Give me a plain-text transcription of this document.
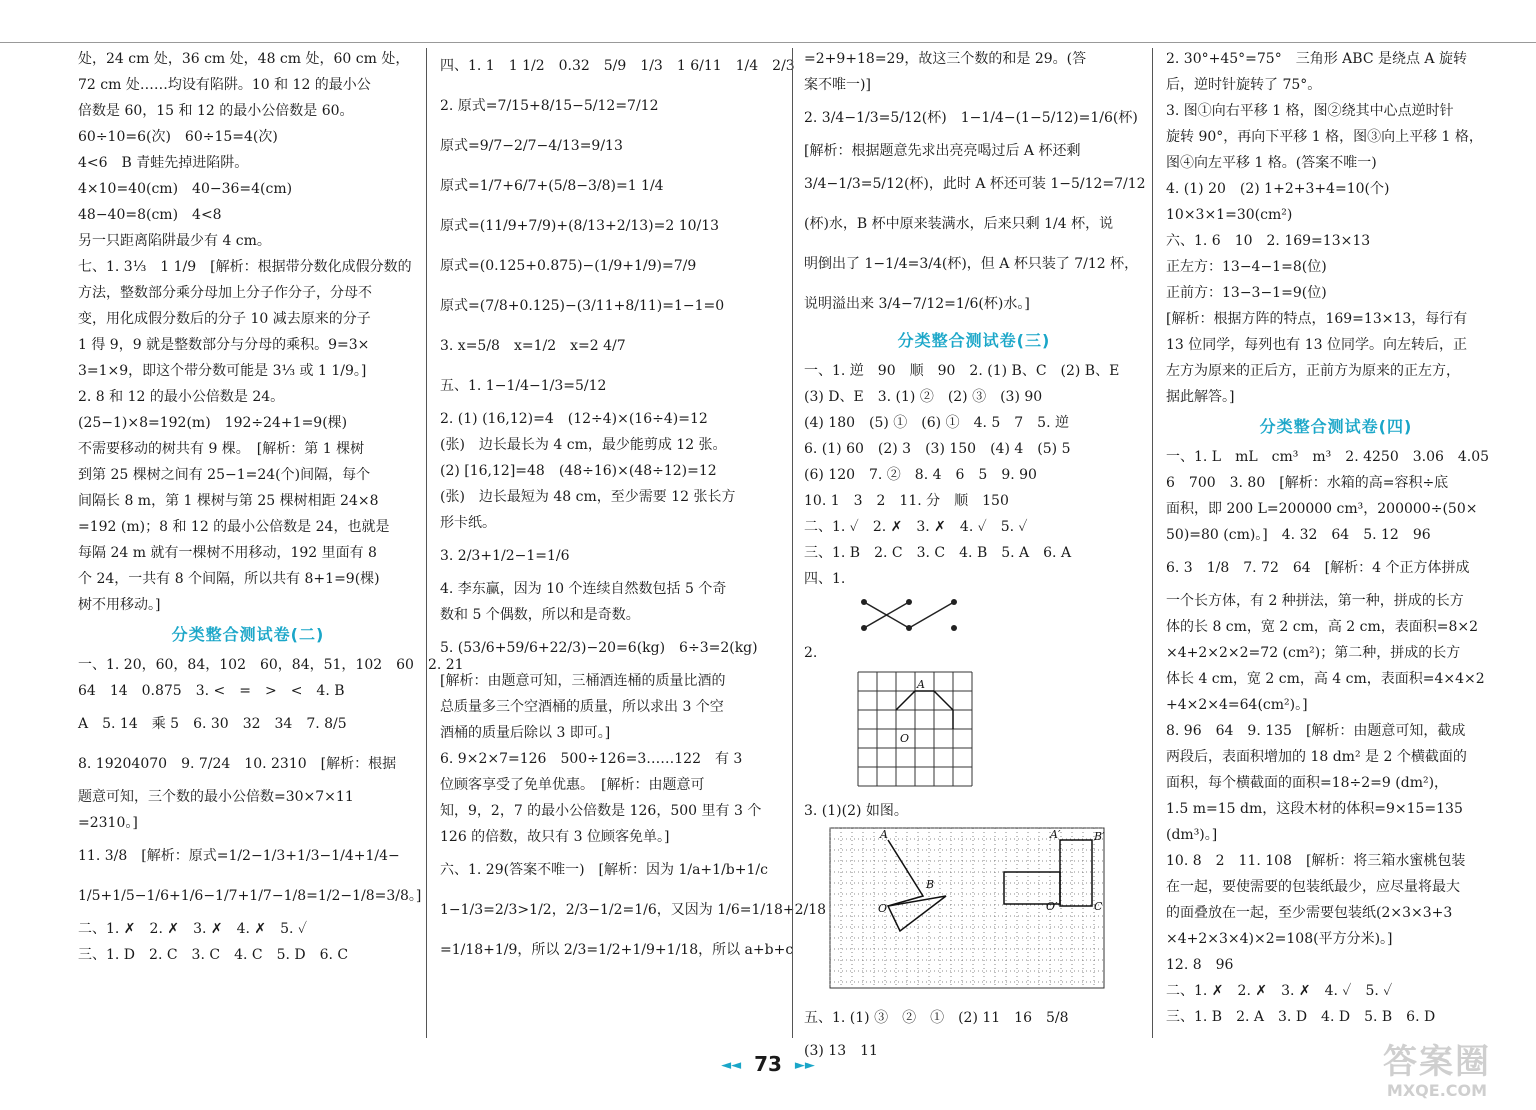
处，24 cm 处，36 cm 处，48 cm 处，60 cm 处，
72 cm 处……均设有陷阱。10 和 12 的最小公
倍数是 60，15 和 12 的最小公倍数是 60。
60÷10=6(次)　60÷15=4(次)
4<6　B 青蛙先掉进陷阱。
4×10=40(cm)　40−36=4(cm)
48−40=8(cm)　4<8
另一只距离陷阱最少有 4 cm。
七、1. 3⅓　1 1/9　[解析：根据带分数化成假分数的
方法，整数部分乘分母加上分子作分子，分母不
变，用化成假分数后的分子 10 减去原来的分子
1 得 9，9 就是整数部分与分母的乘积。9=3×
3=1×9，即这个带分数可能是 3⅓ 或 1 1/9。]
2. 8 和 12 的最小公倍数是 24。
(25−1)×8=192(m)　192÷24+1=9(棵)
不需要移动的树共有 9 棵。　[解析：第 1 棵树
到第 25 棵树之间有 25−1=24(个)间隔，每个
间隔长 8 m，第 1 棵树与第 25 棵树相距 24×8
=192 (m)；8 和 12 的最小公倍数是 24，也就是
每隔 24 m 就有一棵树不用移动，192 里面有 8
个 24，一共有 8 个间隔，所以共有 8+1=9(棵)
树不用移动。]
分类整合测试卷(二)
一、1. 20，60，84，102　60，84，51，102　60　2. 21
64　14　0.875　3. <　=　>　<　4. B
A　5. 14　乘 5　6. 30　32　34　7. 8/5
8. 19204070　9. 7/24　10. 2310　[解析：根据
题意可知，三个数的最小公倍数=30×7×11
=2310。]
11. 3/8　[解析：原式=1/2−1/3+1/3−1/4+1/4−
1/5+1/5−1/6+1/6−1/7+1/7−1/8=1/2−1/8=3/8。]
二、1. ✗　2. ✗　3. ✗　4. ✗　5. ✓
三、1. D　2. C　3. C　4. C　5. D　6. C
四、1. 1　1 1/2　0.32　5/9　1/3　1 6/11　1/4　2/3
2. 原式=7/15+8/15−5/12=7/12
原式=9/7−2/7−4/13=9/13
原式=1/7+6/7+(5/8−3/8)=1 1/4
原式=(11/9+7/9)+(8/13+2/13)=2 10/13
原式=(0.125+0.875)−(1/9+1/9)=7/9
原式=(7/8+0.125)−(3/11+8/11)=1−1=0
3. x=5/8　x=1/2　x=2 4/7
五、1. 1−1/4−1/3=5/12
2. (1) (16,12)=4　(12÷4)×(16÷4)=12
(张)　边长最长为 4 cm，最少能剪成 12 张。
(2) [16,12]=48　(48÷16)×(48÷12)=12
(张)　边长最短为 48 cm，至少需要 12 张长方
形卡纸。
3. 2/3+1/2−1=1/6
4. 李东赢，因为 10 个连续自然数包括 5 个奇
数和 5 个偶数，所以和是奇数。
5. (53/6+59/6+22/3)−20=6(kg)　6÷3=2(kg)
[解析：由题意可知，三桶酒连桶的质量比酒的
总质量多三个空酒桶的质量，所以求出 3 个空
酒桶的质量后除以 3 即可。]
6. 9×2×7=126　500÷126=3……122　有 3
位顾客享受了免单优惠。　[解析：由题意可
知，9，2，7 的最小公倍数是 126，500 里有 3 个
126 的倍数，故只有 3 位顾客免单。]
六、1. 29(答案不唯一)　[解析：因为 1/a+1/b+1/c
1−1/3=2/3>1/2，2/3−1/2=1/6，又因为 1/6=1/18+2/18
=1/18+1/9，所以 2/3=1/2+1/9+1/18，所以 a+b+c
=2+9+18=29，故这三个数的和是 29。(答
案不唯一)]
2. 3/4−1/3=5/12(杯)　1−1/4−(1−5/12)=1/6(杯)
[解析：根据题意先求出亮亮喝过后 A 杯还剩
3/4−1/3=5/12(杯)，此时 A 杯还可装 1−5/12=7/12
(杯)水，B 杯中原来装满水，后来只剩 1/4 杯，说
明倒出了 1−1/4=3/4(杯)，但 A 杯只装了 7/12 杯，
说明溢出来 3/4−7/12=1/6(杯)水。]
分类整合测试卷(三)
一、1. 逆　90　顺　90　2. (1) B、C　(2) B、E
(3) D、E　3. (1) ②　(2) ③　(3) 90
(4) 180　(5) ①　(6) ①　4. 5　7　5. 逆
6. (1) 60　(2) 3　(3) 150　(4) 4　(5) 5
(6) 120　7. ②　8. 4　6　5　9. 90
10. 1　3　2　11. 分　顺　150
二、1. ✓　2. ✗　3. ✗　4. ✓　5. ✓
三、1. B　2. C　3. C　4. B　5. A　6. A
四、1.
2.
A
O
3. (1)(2) 如图。
A
B
O
A′	B′
O′	C
五、1. (1) ③　②　①　(2) 11　16　5/8
(3) 13　11
2. 30°+45°=75°　三角形 ABC 是绕点 A 旋转
后，逆时针旋转了 75°。
3. 图①向右平移 1 格，图②绕其中心点逆时针
旋转 90°，再向下平移 1 格，图③向上平移 1 格，
图④向左平移 1 格。(答案不唯一)
4. (1) 20　(2) 1+2+3+4=10(个)
10×3×1=30(cm²)
六、1. 6　10　2. 169=13×13
正左方：13−4−1=8(位)
正前方：13−3−1=9(位)
[解析：根据方阵的特点，169=13×13，每行有
13 位同学，每列也有 13 位同学。向左转后，正
左方为原来的正后方，正前方为原来的正左方，
据此解答。]
分类整合测试卷(四)
一、1. L　mL　cm³　m³　2. 4250　3.06　4.05
6　700　3. 80　[解析：水箱的高=容积÷底
面积，即 200 L=200000 cm³，200000÷(50×
50)=80 (cm)。]　4. 32　64　5. 12　96
6. 3　1/8　7. 72　64　[解析：4 个正方体拼成
一个长方体，有 2 种拼法，第一种，拼成的长方
体的长 8 cm，宽 2 cm，高 2 cm，表面积=8×2
×4+2×2×2=72 (cm²)；第二种，拼成的长方
体长 4 cm，宽 2 cm，高 4 cm，表面积=4×4×2
+4×2×4=64(cm²)。]
8. 96　64　9. 135　[解析：由题意可知，截成
两段后，表面积增加的 18 dm² 是 2 个横截面的
面积，每个横截面的面积=18÷2=9 (dm²)，
1.5 m=15 dm，这段木材的体积=9×15=135
(dm³)。]
10. 8　2　11. 108　[解析：将三箱水蜜桃包装
在一起，要使需要的包装纸最少，应尽量将最大
的面叠放在一起，至少需要包装纸(2×3×3+3
×4+2×3×4)×2=108(平方分米)。]
12. 8　96
二、1. ✗　2. ✗　3. ✗　4. ✓　5. ✓
三、1. B　2. A　3. D　4. D　5. B　6. D
◄◄ 73 ►►	答案圈
MXQE.COM
